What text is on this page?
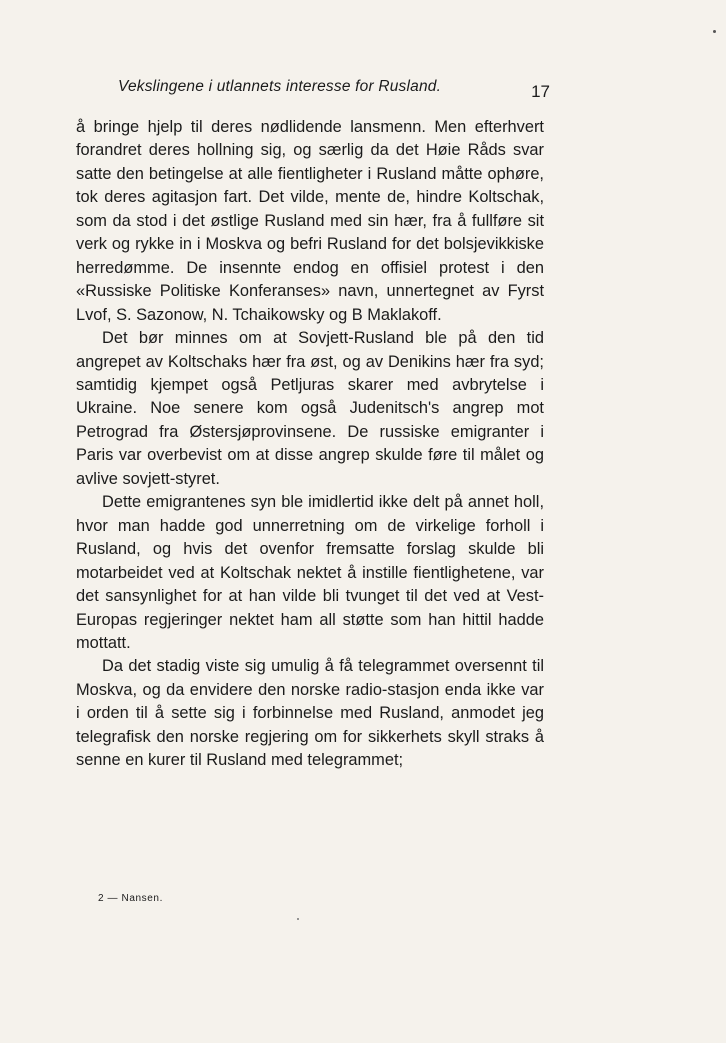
Vekslingene i utlannets interesse for Rusland.	17

å bringe hjelp til deres nødlidende lansmenn. Men efterhvert forandret deres hollning sig, og særlig da det Høie Råds svar satte den betingelse at alle fientligheter i Rusland måtte ophøre, tok deres agitasjon fart. Det vilde, mente de, hindre Koltschak, som da stod i det østlige Rusland med sin hær, fra å fullføre sit verk og rykke in i Moskva og befri Rusland for det bolsjevikkiske herredømme. De insennte endog en offisiel protest i den «Russiske Politiske Konferanses» navn, unnertegnet av Fyrst Lvof, S. Sazonow, N. Tchaikowsky og B Maklakoff.

Det bør minnes om at Sovjett-Rusland ble på den tid angrepet av Koltschaks hær fra øst, og av Denikins hær fra syd; samtidig kjempet også Petljuras skarer med avbrytelse i Ukraine. Noe senere kom også Judenitsch's angrep mot Petrograd fra Østersjøprovinsene. De russiske emigranter i Paris var overbevist om at disse angrep skulde føre til målet og avlive sovjett-styret.

Dette emigrantenes syn ble imidlertid ikke delt på annet holl, hvor man hadde god unnerretning om de virkelige forholl i Rusland, og hvis det ovenfor fremsatte forslag skulde bli motarbeidet ved at Koltschak nektet å instille fientlighetene, var det sansynlighet for at han vilde bli tvunget til det ved at Vest-Europas regjeringer nektet ham all støtte som han hittil hadde mottatt.

Da det stadig viste sig umulig å få telegrammet oversennt til Moskva, og da envidere den norske radio-stasjon enda ikke var i orden til å sette sig i forbinnelse med Rusland, anmodet jeg telegrafisk den norske regjering om for sikkerhets skyll straks å senne en kurer til Rusland med telegrammet;

2 — Nansen.
